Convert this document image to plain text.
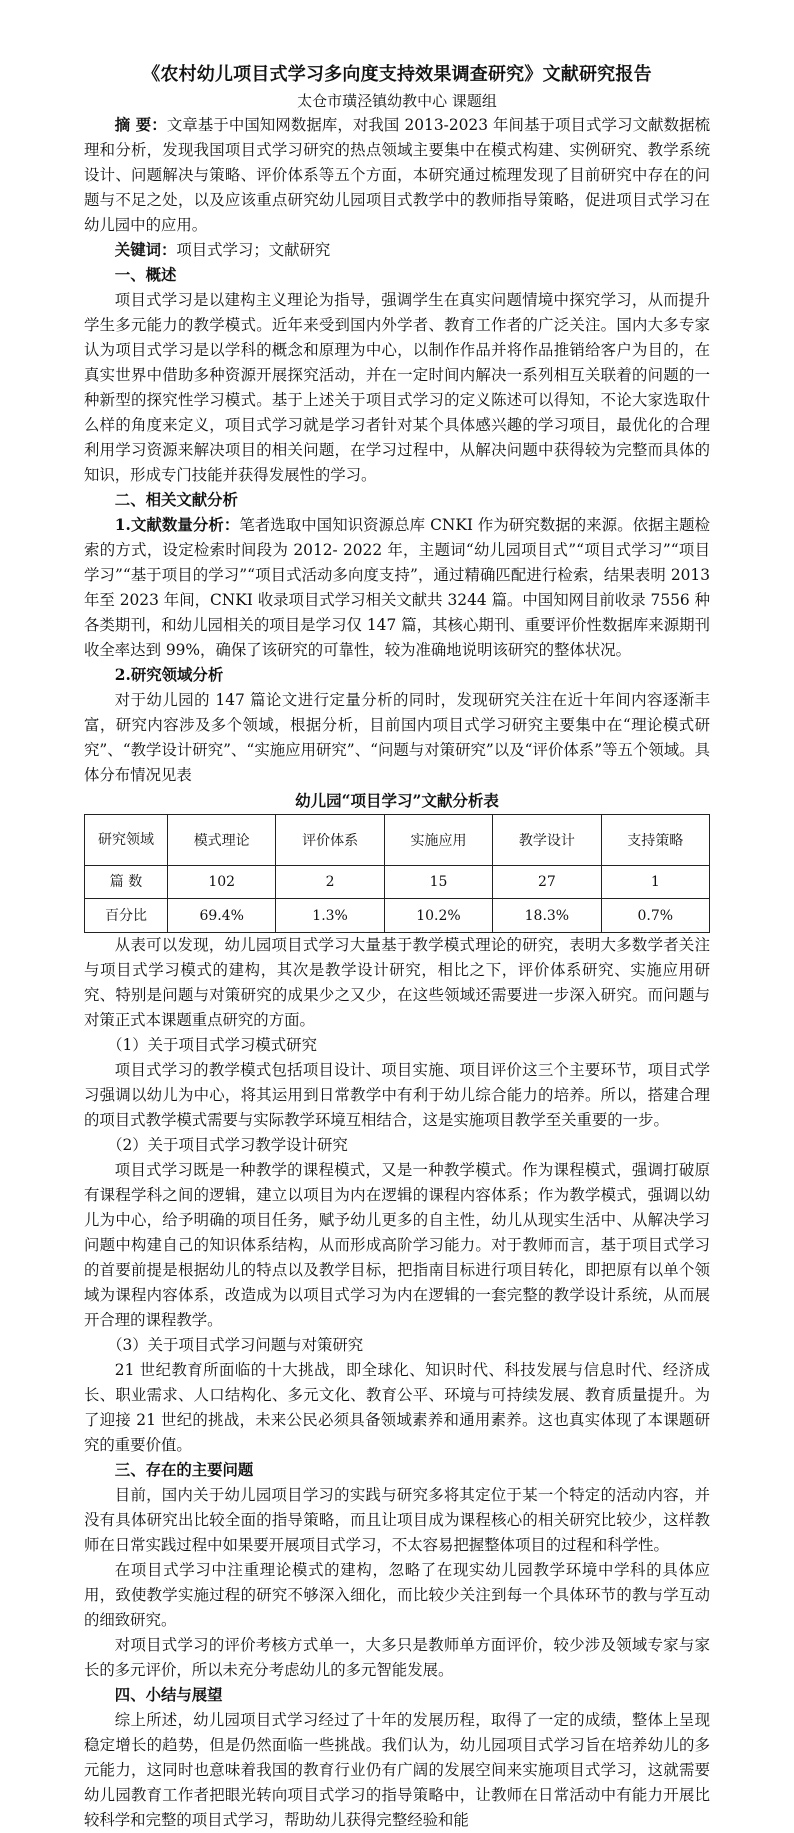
《农村幼儿项目式学习多向度支持效果调查研究》文献研究报告
太仓市璜泾镇幼教中心 课题组

摘 要：文章基于中国知网数据库，对我国 2013-2023 年间基于项目式学习文献数据梳理和分析，发现我国项目式学习研究的热点领域主要集中在模式构建、实例研究、教学系统设计、问题解决与策略、评价体系等五个方面，本研究通过梳理发现了目前研究中存在的问题与不足之处，以及应该重点研究幼儿园项目式教学中的教师指导策略，促进项目式学习在幼儿园中的应用。

关键词：项目式学习；文献研究

一、概述

项目式学习是以建构主义理论为指导，强调学生在真实问题情境中探究学习，从而提升学生多元能力的教学模式。近年来受到国内外学者、教育工作者的广泛关注。国内大多专家认为项目式学习是以学科的概念和原理为中心，以制作作品并将作品推销给客户为目的，在真实世界中借助多种资源开展探究活动，并在一定时间内解决一系列相互关联着的问题的一种新型的探究性学习模式。基于上述关于项目式学习的定义陈述可以得知，不论大家选取什么样的角度来定义，项目式学习就是学习者针对某个具体感兴趣的学习项目，最优化的合理利用学习资源来解决项目的相关问题，在学习过程中，从解决问题中获得较为完整而具体的知识，形成专门技能并获得发展性的学习。

二、相关文献分析

1.文献数量分析：笔者选取中国知识资源总库 CNKI 作为研究数据的来源。依据主题检索的方式，设定检索时间段为 2012- 2022 年，主题词“幼儿园项目式”“项目式学习”“项目学习”“基于项目的学习”“项目式活动多向度支持”，通过精确匹配进行检索，结果表明 2013 年至 2023 年间，CNKI 收录项目式学习相关文献共 3244 篇。中国知网目前收录 7556 种各类期刊，和幼儿园相关的项目是学习仅 147 篇，其核心期刊、重要评价性数据库来源期刊收全率达到 99%，确保了该研究的可靠性，较为准确地说明该研究的整体状况。

2.研究领域分析

对于幼儿园的 147 篇论文进行定量分析的同时，发现研究关注在近十年间内容逐渐丰富，研究内容涉及多个领域，根据分析，目前国内项目式学习研究主要集中在“理论模式研究”、“教学设计研究”、“实施应用研究”、“问题与对策研究”以及“评价体系”等五个领域。具体分布情况见表

幼儿园“项目学习”文献分析表
研究领域	模式理论	评价体系	实施应用	教学设计	支持策略
篇 数	102	2	15	27	1
百分比	69.4%	1.3%	10.2%	18.3%	0.7%

从表可以发现，幼儿园项目式学习大量基于教学模式理论的研究，表明大多数学者关注与项目式学习模式的建构，其次是教学设计研究，相比之下，评价体系研究、实施应用研究、特别是问题与对策研究的成果少之又少，在这些领域还需要进一步深入研究。而问题与对策正式本课题重点研究的方面。

（1）关于项目式学习模式研究

项目式学习的教学模式包括项目设计、项目实施、项目评价这三个主要环节，项目式学习强调以幼儿为中心，将其运用到日常教学中有利于幼儿综合能力的培养。所以，搭建合理的项目式教学模式需要与实际教学环境互相结合，这是实施项目教学至关重要的一步。

（2）关于项目式学习教学设计研究

项目式学习既是一种教学的课程模式，又是一种教学模式。作为课程模式，强调打破原有课程学科之间的逻辑，建立以项目为内在逻辑的课程内容体系；作为教学模式，强调以幼儿为中心，给予明确的项目任务，赋予幼儿更多的自主性，幼儿从现实生活中、从解决学习问题中构建自己的知识体系结构，从而形成高阶学习能力。对于教师而言，基于项目式学习的首要前提是根据幼儿的特点以及教学目标，把指南目标进行项目转化，即把原有以单个领域为课程内容体系，改造成为以项目式学习为内在逻辑的一套完整的教学设计系统，从而展开合理的课程教学。

（3）关于项目式学习问题与对策研究

21 世纪教育所面临的十大挑战，即全球化、知识时代、科技发展与信息时代、经济成长、职业需求、人口结构化、多元文化、教育公平、环境与可持续发展、教育质量提升。为了迎接 21 世纪的挑战，未来公民必须具备领域素养和通用素养。这也真实体现了本课题研究的重要价值。

三、存在的主要问题

目前，国内关于幼儿园项目学习的实践与研究多将其定位于某一个特定的活动内容，并没有具体研究出比较全面的指导策略，而且让项目成为课程核心的相关研究比较少，这样教师在日常实践过程中如果要开展项目式学习，不太容易把握整体项目的过程和科学性。

在项目式学习中注重理论模式的建构，忽略了在现实幼儿园教学环境中学科的具体应用，致使教学实施过程的研究不够深入细化，而比较少关注到每一个具体环节的教与学互动的细致研究。

对项目式学习的评价考核方式单一，大多只是教师单方面评价，较少涉及领域专家与家长的多元评价，所以未充分考虑幼儿的多元智能发展。

四、小结与展望

综上所述，幼儿园项目式学习经过了十年的发展历程，取得了一定的成绩，整体上呈现稳定增长的趋势，但是仍然面临一些挑战。我们认为，幼儿园项目式学习旨在培养幼儿的多元能力，这同时也意味着我国的教育行业仍有广阔的发展空间来实施项目式学习，这就需要幼儿园教育工作者把眼光转向项目式学习的指导策略中，让教师在日常活动中有能力开展比较科学和完整的项目式学习，帮助幼儿获得完整经验和能
